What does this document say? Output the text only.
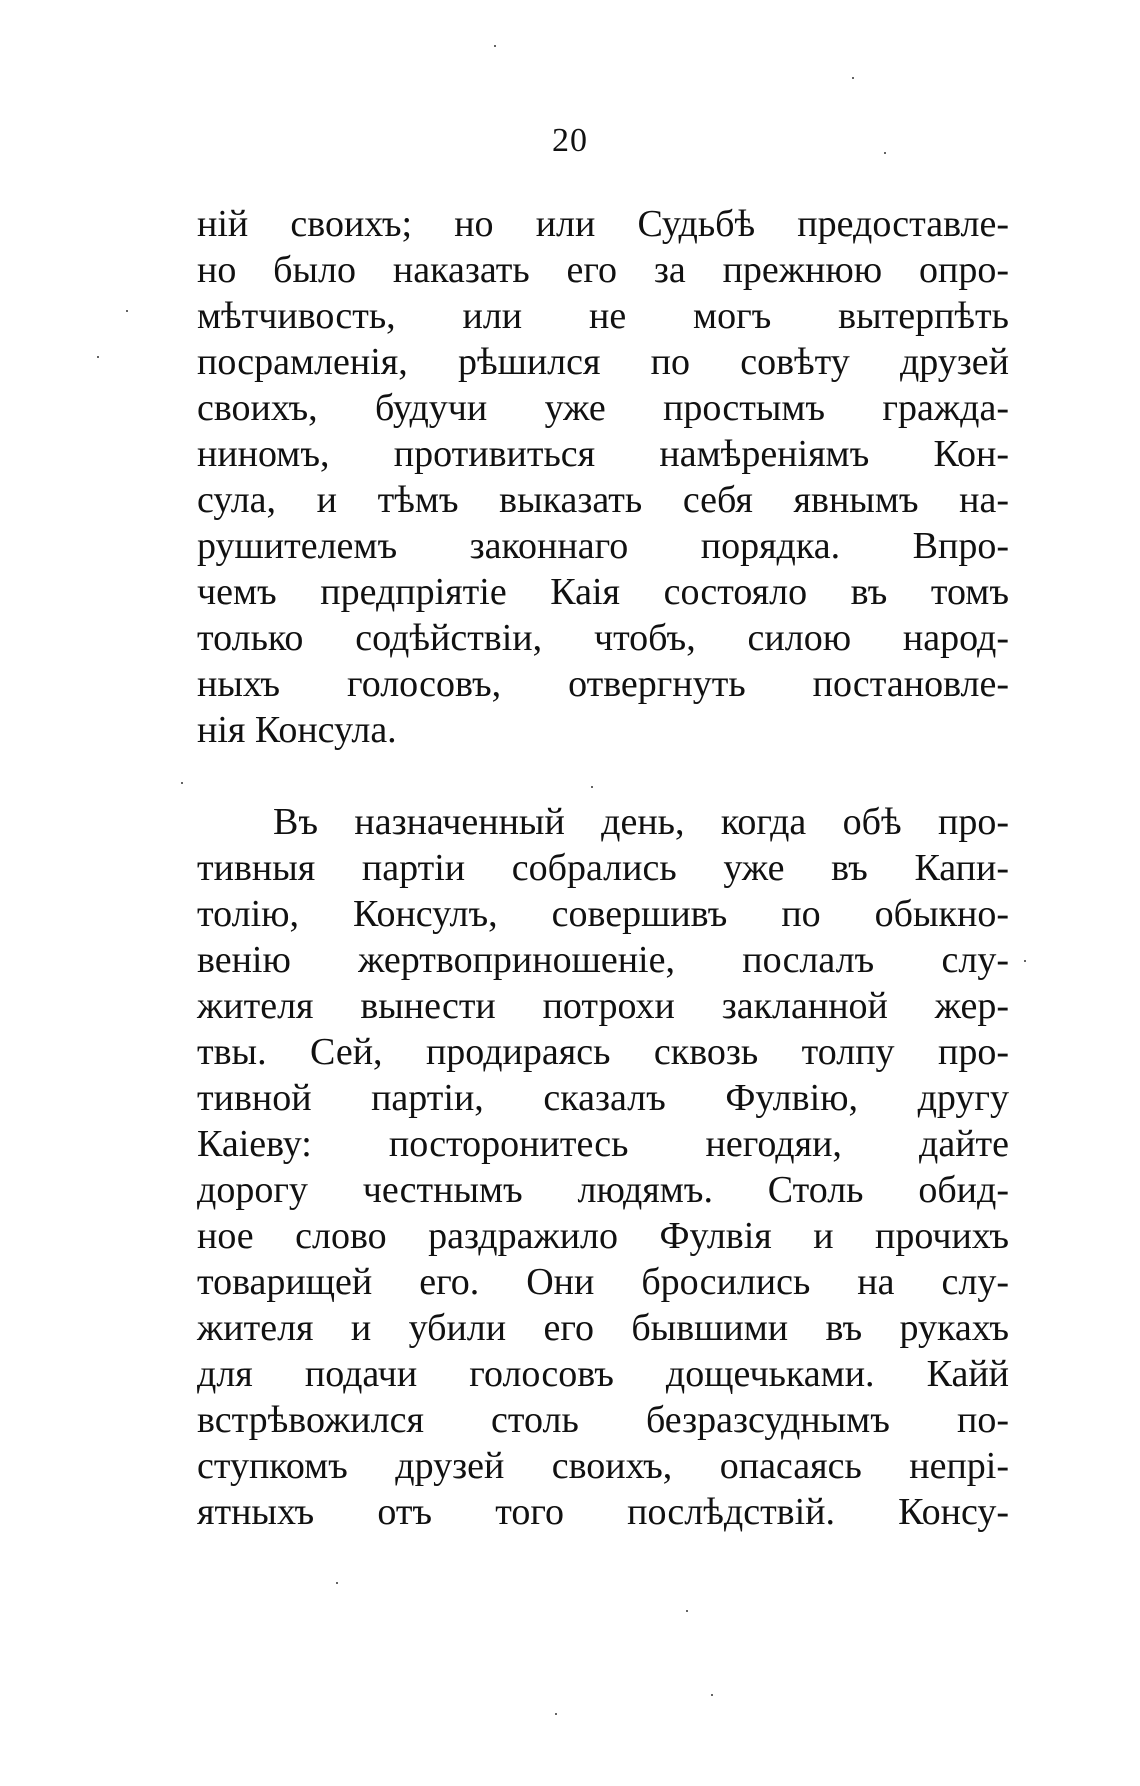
20
ній своихъ; но или Судьбѣ предоставле-
но было наказать его за прежнюю опро-
мѣтчивость, или не могъ вытерпѣть
посрамленія, рѣшился по совѣту друзей
своихъ, будучи уже простымъ гражда-
ниномъ, противиться намѣреніямъ Кон-
сула, и тѣмъ выказать себя явнымъ на-
рушителемъ законнаго порядка. Впро-
чемъ предпріятіе Каія состояло въ томъ
только содѣйствіи, чтобъ, силою народ-
ныхъ голосовъ, отвергнуть постановле-
нія Консула.
Въ назначенный день, когда обѣ про-
тивныя партіи собрались уже въ Капи-
толію, Консулъ, совершивъ по обыкно-
венію жертвоприношеніе, послалъ слу-
жителя вынести потрохи закланной жер-
твы. Сей, продираясь сквозь толпу про-
тивной партіи, сказалъ Фулвію, другу
Каіеву: посторонитесь негодяи, дайте
дорогу честнымъ людямъ. Столь обид-
ное слово раздражило Фулвія и прочихъ
товарищей его. Они бросились на слу-
жителя и убили его бывшими въ рукахъ
для подачи голосовъ дощечьками. Кайй
встрѣвожился столь безразсуднымъ по-
ступкомъ друзей своихъ, опасаясь непрі-
ятныхъ отъ того послѣдствій. Консу-
